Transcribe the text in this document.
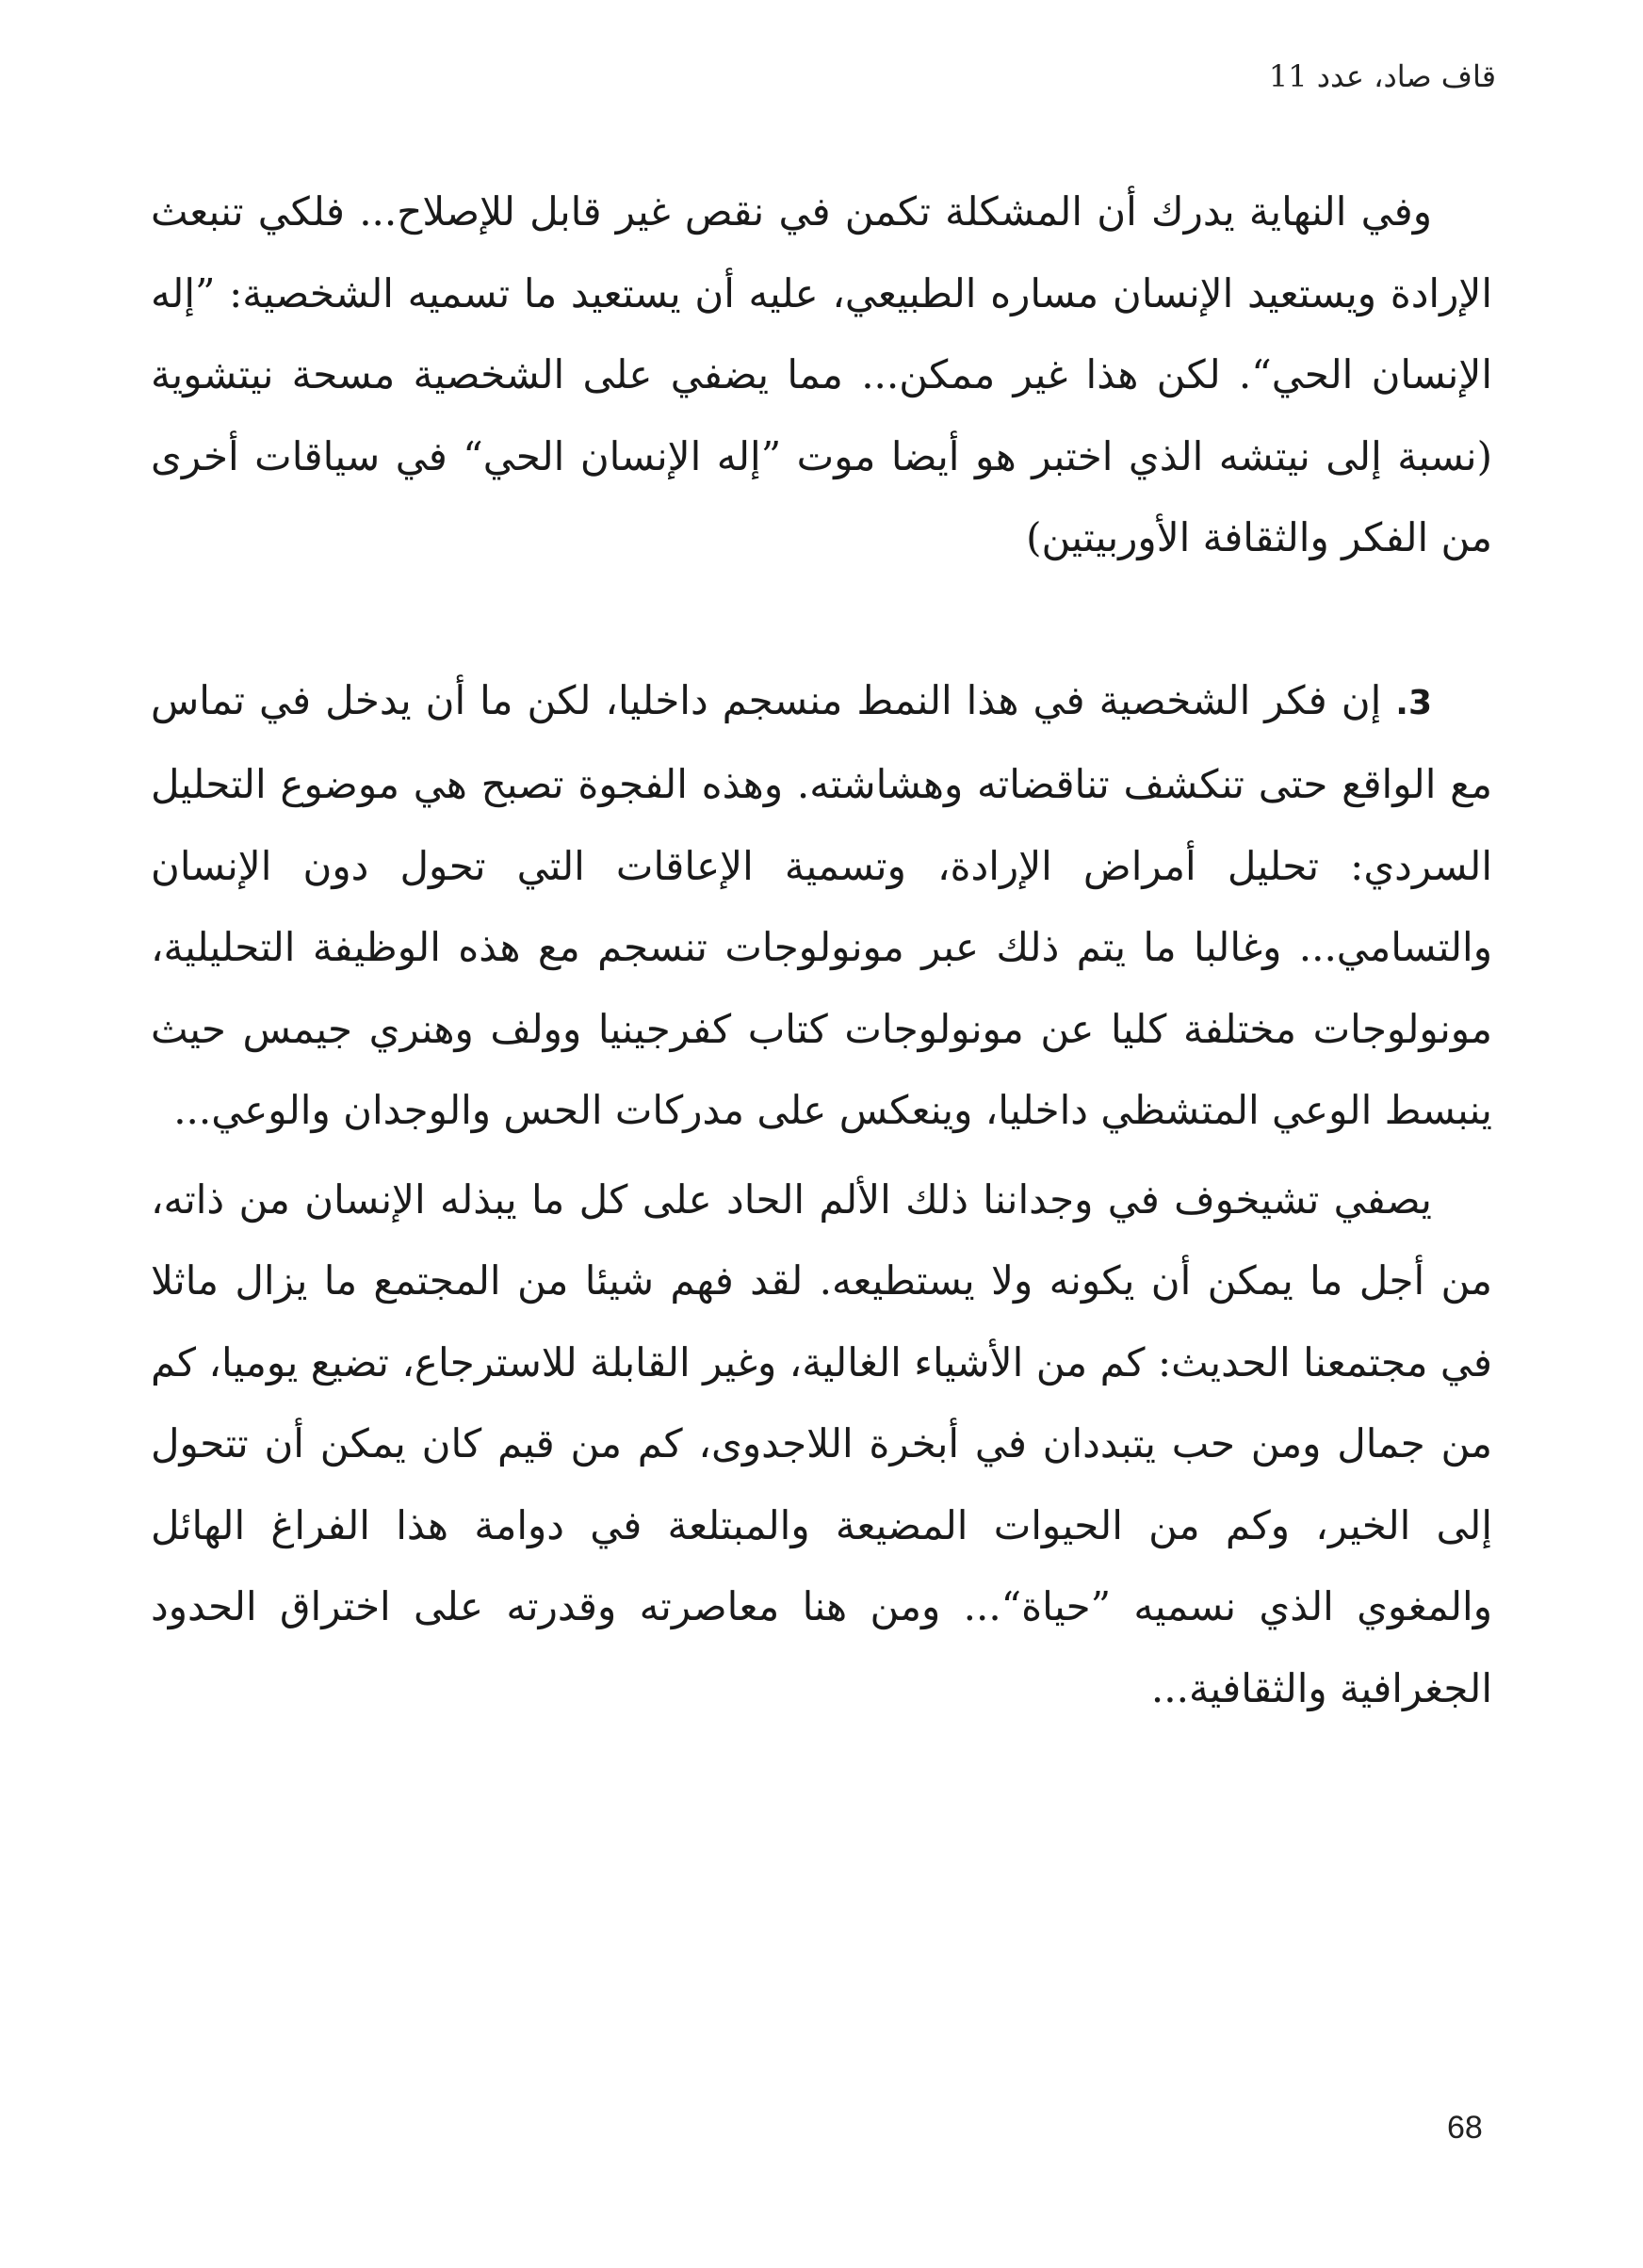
قاف صاد، عدد 11

وفي النهاية يدرك أن المشكلة تكمن في نقص غير قابل للإصلاح... فلكي تنبعث الإرادة ويستعيد الإنسان مساره الطبيعي، عليه أن يستعيد ما تسميه الشخصية: ”إله الإنسان الحي“. لكن هذا غير ممكن... مما يضفي على الشخصية مسحة نيتشوية (نسبة إلى نيتشه الذي اختبر هو أيضا موت ”إله الإنسان الحي“ في سياقات أخرى من الفكر والثقافة الأوربيتين)

3. إن فكر الشخصية في هذا النمط منسجم داخليا، لكن ما أن يدخل في تماس مع الواقع حتى تنكشف تناقضاته وهشاشته. وهذه الفجوة تصبح هي موضوع التحليل السردي: تحليل أمراض الإرادة، وتسمية الإعاقات التي تحول دون الإنسان والتسامي... وغالبا ما يتم ذلك عبر مونولوجات تنسجم مع هذه الوظيفة التحليلية، مونولوجات مختلفة كليا عن مونولوجات كتاب كفرجينيا وولف وهنري جيمس حيث ينبسط الوعي المتشظي داخليا، وينعكس على مدركات الحس والوجدان والوعي...

يصفي تشيخوف في وجداننا ذلك الألم الحاد على كل ما يبذله الإنسان من ذاته، من أجل ما يمكن أن يكونه ولا يستطيعه. لقد فهم شيئا من المجتمع ما يزال ماثلا في مجتمعنا الحديث: كم من الأشياء الغالية، وغير القابلة للاسترجاع، تضيع يوميا، كم من جمال ومن حب يتبددان في أبخرة اللاجدوى، كم من قيم كان يمكن أن تتحول إلى الخير، وكم من الحيوات المضيعة والمبتلعة في دوامة هذا الفراغ الهائل والمغوي الذي نسميه ”حياة“... ومن هنا معاصرته وقدرته على اختراق الحدود الجغرافية والثقافية...

68
